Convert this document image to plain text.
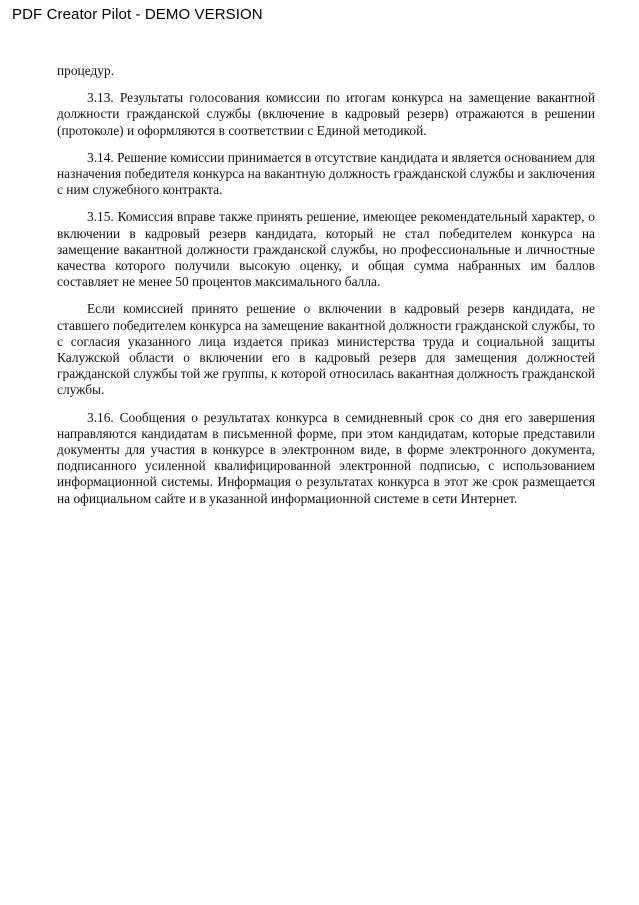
PDF Creator Pilot - DEMO VERSION

процедур.

3.13. Результаты голосования комиссии по итогам конкурса на замещение вакантной должности гражданской службы (включение в кадровый резерв) отражаются в решении (протоколе) и оформляются в соответствии с Единой методикой.

3.14. Решение комиссии принимается в отсутствие кандидата и является основанием для назначения победителя конкурса на вакантную должность гражданской службы и заключения с ним служебного контракта.

3.15. Комиссия вправе также принять решение, имеющее рекомендательный характер, о включении в кадровый резерв кандидата, который не стал победителем конкурса на замещение вакантной должности гражданской службы, но профессиональные и личностные качества которого получили высокую оценку, и общая сумма набранных им баллов составляет не менее 50 процентов максимального балла.

Если комиссией принято решение о включении в кадровый резерв кандидата, не ставшего победителем конкурса на замещение вакантной должности гражданской службы, то с согласия указанного лица издается приказ министерства труда и социальной защиты Калужской области о включении его в кадровый резерв для замещения должностей гражданской службы той же группы, к которой относилась вакантная должность гражданской службы.

3.16. Сообщения о результатах конкурса в семидневный срок со дня его завершения направляются кандидатам в письменной форме, при этом кандидатам, которые представили документы для участия в конкурсе в электронном виде, в форме электронного документа, подписанного усиленной квалифицированной электронной подписью, с использованием информационной системы. Информация о результатах конкурса в этот же срок размещается на официальном сайте и в указанной информационной системе в сети Интернет.
